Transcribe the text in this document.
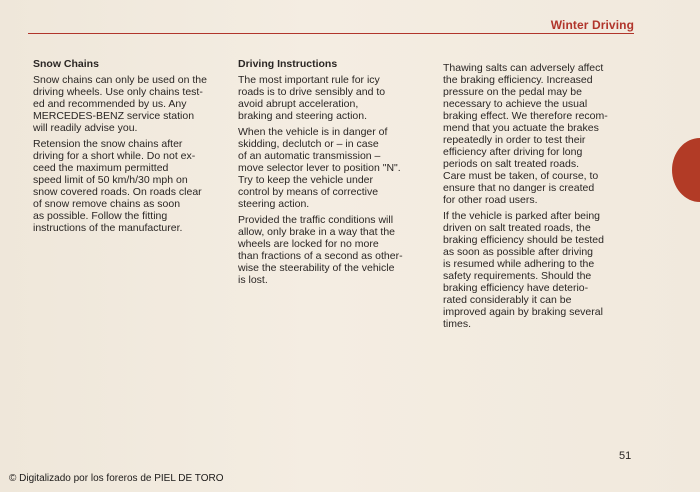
Winter Driving
Snow Chains
Snow chains can only be used on the
driving wheels. Use only chains test-
ed and recommended by us. Any
MERCEDES-BENZ service station
will readily advise you.
Retension the snow chains after
driving for a short while. Do not ex-
ceed the maximum permitted
speed limit of 50 km/h/30 mph on
snow covered roads. On roads clear
of snow remove chains as soon
as possible. Follow the fitting
instructions of the manufacturer.
Driving Instructions
The most important rule for icy
roads is to drive sensibly and to
avoid abrupt acceleration,
braking and steering action.
When the vehicle is in danger of
skidding, declutch or – in case
of an automatic transmission –
move selector lever to position "N".
Try to keep the vehicle under
control by means of corrective
steering action.
Provided the traffic conditions will
allow, only brake in a way that the
wheels are locked for no more
than fractions of a second as other-
wise the steerability of the vehicle
is lost.
Thawing salts can adversely affect
the braking efficiency. Increased
pressure on the pedal may be
necessary to achieve the usual
braking effect. We therefore recom-
mend that you actuate the brakes
repeatedly in order to test their
efficiency after driving for long
periods on salt treated roads.
Care must be taken, of course, to
ensure that no danger is created
for other road users.
If the vehicle is parked after being
driven on salt treated roads, the
braking efficiency should be tested
as soon as possible after driving
is resumed while adhering to the
safety requirements. Should the
braking efficiency have deterio-
rated considerably it can be
improved again by braking several
times.
51
© Digitalizado por los foreros de PIEL DE TORO
